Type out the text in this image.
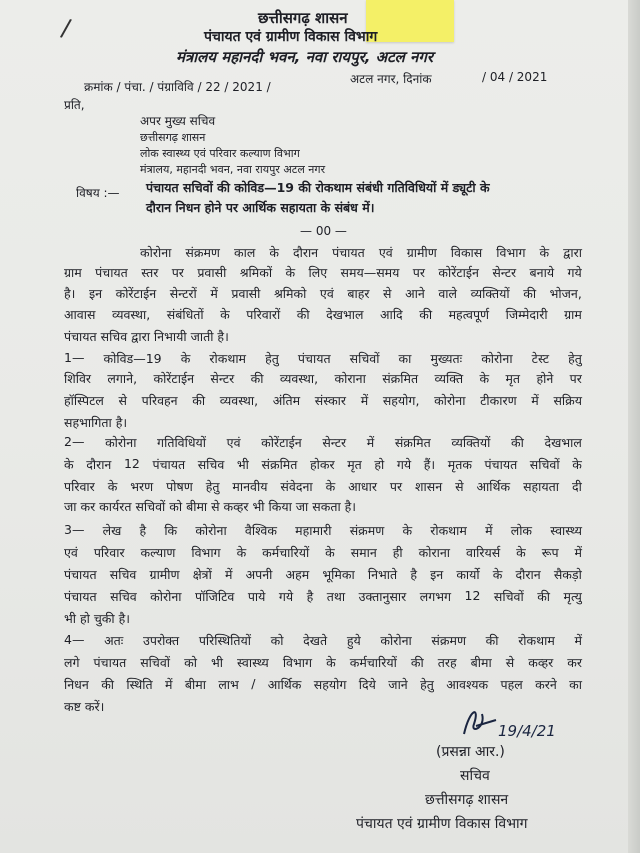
/	छत्तीसगढ़ शासन
पंचायत एवं ग्रामीण विकास विभाग
मंत्रालय महानदी भवन, नवा रायपुर, अटल नगर
क्रमांक / पंचा. / पंग्राविवि / 22 / 2021 /
अटल नगर, दिनांक	/ 04 / 2021
प्रति,
अपर मुख्य सचिव
छत्तीसगढ़ शासन
लोक स्वास्थ्य एवं परिवार कल्याण विभाग
मंत्रालय, महानदी भवन, नवा रायपुर अटल नगर
विषय :— पंचायत सचिवों की कोविड—19 की रोकथाम संबंधी गतिविधियों में ड्यूटी के
दौरान निधन होने पर आर्थिक सहायता के संबंध में।
— 00 —
कोरोना संक्रमण काल के दौरान पंचायत एवं ग्रामीण विकास विभाग के द्वारा
ग्राम पंचायत स्तर पर प्रवासी श्रमिकों के लिए समय—समय पर कोरेंटाईन सेन्टर बनाये गये
है। इन कोरेंटाईन सेन्टरों में प्रवासी श्रमिको एवं बाहर से आने वाले व्यक्तियों की भोजन,
आवास व्यवस्था, संबंधितों के परिवारों की देखभाल आदि की महत्वपूर्ण जिम्मेदारी ग्राम
पंचायत सचिव द्वारा निभायी जाती है।
1— कोविड—19 के रोकथाम हेतु पंचायत सचिवों का मुख्यतः कोरोना टेस्ट हेतु
शिविर लगाने, कोरेंटाईन सेन्टर की व्यवस्था, कोराना संक्रमित व्यक्ति के मृत होने पर
हॉस्पिटल से परिवहन की व्यवस्था, अंतिम संस्कार में सहयोग, कोरोना टीकारण में सक्रिय
सहभागिता है।
2— कोरोना गतिविधियों एवं कोरेंटाईन सेन्टर में संक्रमित व्यक्तियों की देखभाल
के दौरान 12 पंचायत सचिव भी संक्रमित होकर मृत हो गये हैं। मृतक पंचायत सचिवों के
परिवार के भरण पोषण हेतु मानवीय संवेदना के आधार पर शासन से आर्थिक सहायता दी
जा कर कार्यरत सचिवों को बीमा से कव्हर भी किया जा सकता है।
3— लेख है कि कोरोना वैश्विक महामारी संक्रमण के रोकथाम में लोक स्वास्थ्य
एवं परिवार कल्याण विभाग के कर्मचारियों के समान ही कोराना वारियर्स के रूप में
पंचायत सचिव ग्रामीण क्षेत्रों में अपनी अहम भूमिका निभाते है इन कार्यो के दौरान सैकड़ो
पंचायत सचिव कोरोना पॉजिटिव पाये गये है तथा उक्तानुसार लगभग 12 सचिवों की मृत्यु
भी हो चुकी है।
4— अतः उपरोक्त परिस्थितियों को देखते हुये कोरोना संक्रमण की रोकथाम में
लगे पंचायत सचिवों को भी स्वास्थ्य विभाग के कर्मचारियों की तरह बीमा से कव्हर कर
निधन की स्थिति में बीमा लाभ / आर्थिक सहयोग दिये जाने हेतु आवश्यक पहल करने का
कष्ट करें।
19/4/21
(प्रसन्ना आर.)
सचिव
छत्तीसगढ़ शासन
पंचायत एवं ग्रामीण विकास विभाग
